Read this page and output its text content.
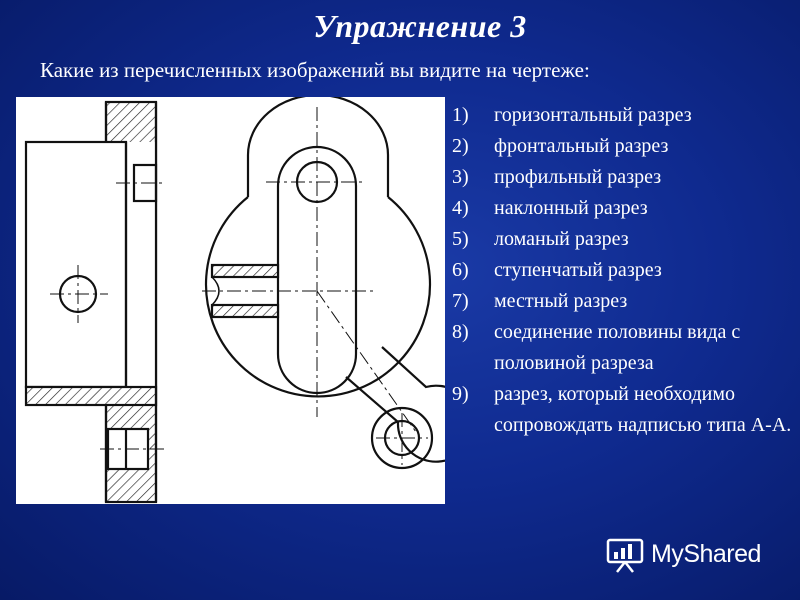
Упражнение 3
Какие из перечисленных изображений вы видите на чертеже:
1) горизонтальный разрез
2) фронтальный разрез
3) профильный разрез
4) наклонный разрез
5) ломаный разрез
6) ступенчатый разрез
7) местный разрез
8) соединение половины вида с половиной разреза
9) разрез, который необходимо сопровождать надписью типа А-А.
MyShared
